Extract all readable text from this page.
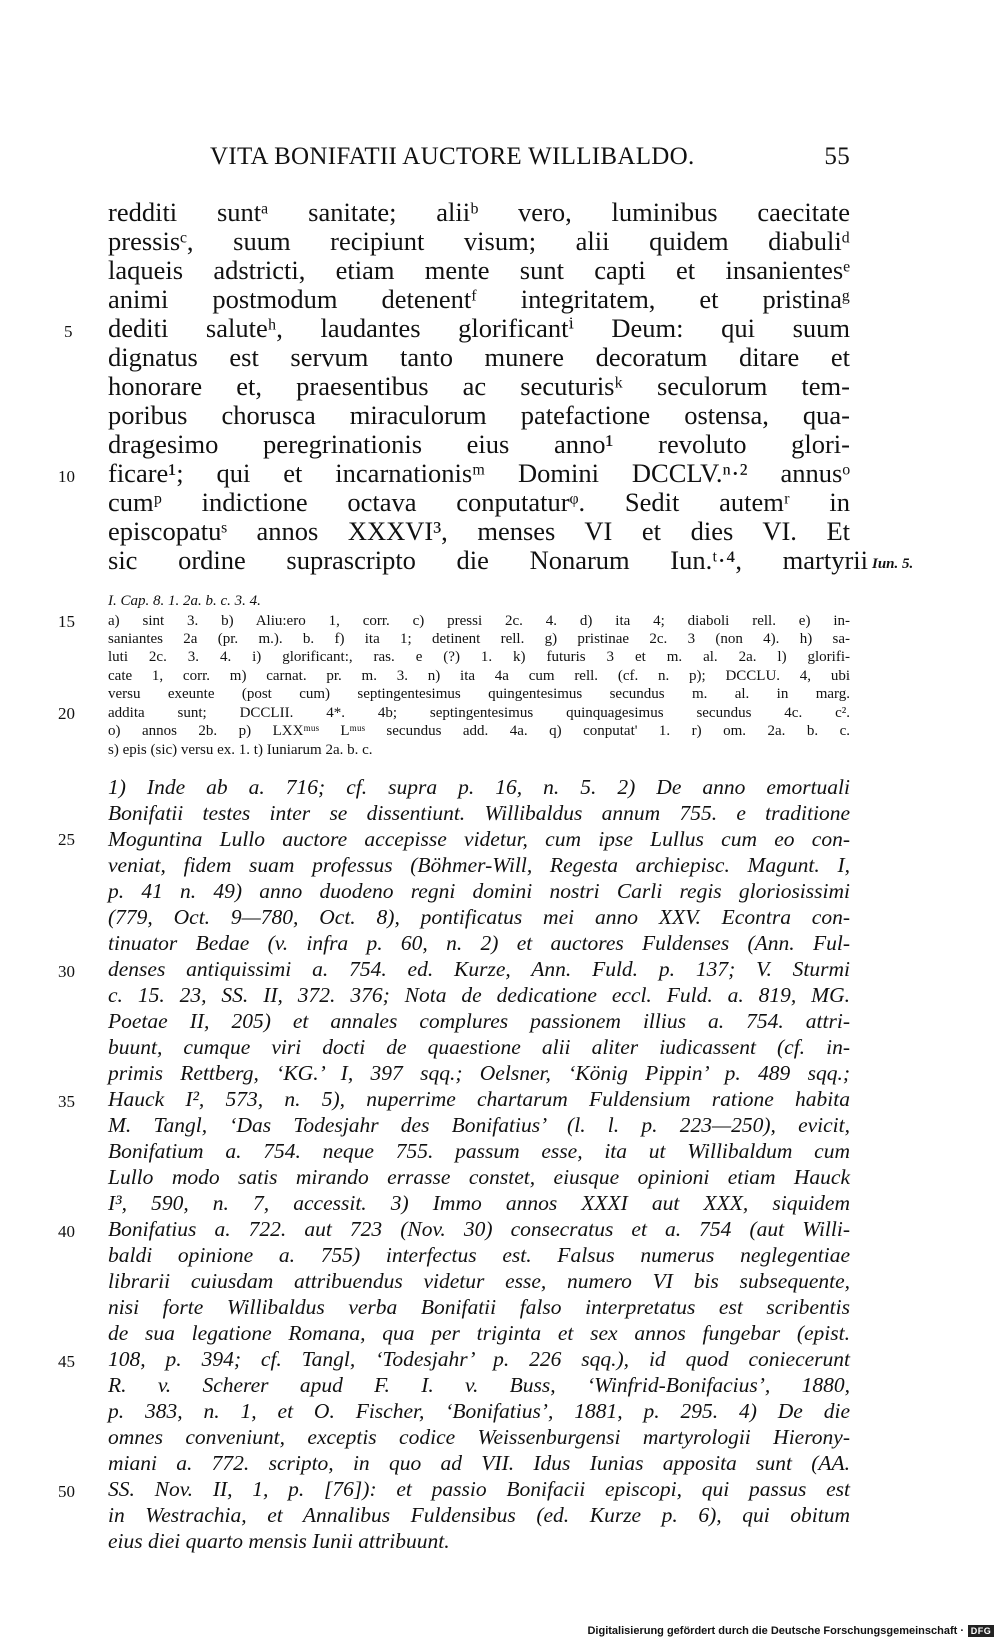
VITA BONIFATII AUCTORE WILLIBALDO.	55
redditi suntᵃ sanitate; aliiᵇ vero, luminibus caecitate
pressisᶜ, suum recipiunt visum; alii quidem diabuliᵈ
laqueis adstricti, etiam mente sunt capti et insanientesᵉ
animi postmodum detenentᶠ integritatem, et pristinaᵍ
dediti saluteʰ, laudantes glorificantⁱ Deum: qui suum
dignatus est servum tanto munere decoratum ditare et
honorare et, praesentibus ac secuturisᵏ seculorum tem-
poribus chorusca miraculorum patefactione ostensa, qua-
dragesimo peregrinationis eius anno¹ revoluto glori-
ficare¹; qui et incarnationisᵐ Domini DCCLV.ⁿ·² annusᵒ
cumᵖ indictione octava conputaturᵠ. Sedit autemʳ in
episcopatuˢ annos XXXVI³, menses VI et dies VI. Et
sic ordine suprascripto die Nonarum Iun.ᵗ·⁴, martyrii
5
10
Iun. 5.
I. Cap. 8. 1. 2a. b. c. 3. 4.
a) sint 3. b) Aliu:ero 1, corr. c) pressi 2c. 4. d) ita 4; diaboli rell. e) in-
saniantes 2a (pr. m.). b. f) ita 1; detinent rell. g) pristinae 2c. 3 (non 4). h) sa-
luti 2c. 3. 4. i) glorificant:, ras. e (?) 1. k) futuris 3 et m. al. 2a. l) glorifi-
cate 1, corr. m) carnat. pr. m. 3. n) ita 4a cum rell. (cf. n. p); DCCLU. 4, ubi
versu exeunte (post cum) septingentesimus quingentesimus secundus m. al. in marg.
addita sunt; DCCLII. 4*. 4b; septingentesimus quinquagesimus secundus 4c. c².
o) annos 2b. p) LXXᵐᵘˢ Lᵐᵘˢ secundus add. 4a. q) conputat' 1. r) om. 2a. b. c.
s) epis (sic) versu ex. 1. t) Iuniarum 2a. b. c.
15
20
1) Inde ab a. 716; cf. supra p. 16, n. 5. 2) De anno emortuali
Bonifatii testes inter se dissentiunt. Willibaldus annum 755. e traditione
Moguntina Lullo auctore accepisse videtur, cum ipse Lullus cum eo con-
veniat, fidem suam professus (Böhmer-Will, Regesta archiepisc. Magunt. I,
p. 41 n. 49) anno duodeno regni domini nostri Carli regis gloriosissimi
(779, Oct. 9—780, Oct. 8), pontificatus mei anno XXV. Econtra con-
tinuator Bedae (v. infra p. 60, n. 2) et auctores Fuldenses (Ann. Ful-
denses antiquissimi a. 754. ed. Kurze, Ann. Fuld. p. 137; V. Sturmi
c. 15. 23, SS. II, 372. 376; Nota de dedicatione eccl. Fuld. a. 819, MG.
Poetae II, 205) et annales complures passionem illius a. 754. attri-
buunt, cumque viri docti de quaestione alii aliter iudicassent (cf. in-
primis Rettberg, ‘KG.’ I, 397 sqq.; Oelsner, ‘König Pippin’ p. 489 sqq.;
Hauck I², 573, n. 5), nuperrime chartarum Fuldensium ratione habita
M. Tangl, ‘Das Todesjahr des Bonifatius’ (l. l. p. 223—250), evicit,
Bonifatium a. 754. neque 755. passum esse, ita ut Willibaldum cum
Lullo modo satis mirando errasse constet, eiusque opinioni etiam Hauck
I³, 590, n. 7, accessit. 3) Immo annos XXXI aut XXX, siquidem
Bonifatius a. 722. aut 723 (Nov. 30) consecratus et a. 754 (aut Willi-
baldi opinione a. 755) interfectus est. Falsus numerus neglegentiae
librarii cuiusdam attribuendus videtur esse, numero VI bis subsequente,
nisi forte Willibaldus verba Bonifatii falso interpretatus est scribentis
de sua legatione Romana, qua per triginta et sex annos fungebar (epist.
108, p. 394; cf. Tangl, ‘Todesjahr’ p. 226 sqq.), id quod coniecerunt
R. v. Scherer apud F. I. v. Buss, ‘Winfrid-Bonifacius’, 1880,
p. 383, n. 1, et O. Fischer, ‘Bonifatius’, 1881, p. 295. 4) De die
omnes conveniunt, exceptis codice Weissenburgensi martyrologii Hierony-
miani a. 772. scripto, in quo ad VII. Idus Iunias apposita sunt (AA.
SS. Nov. II, 1, p. [76]): et passio Bonifacii episcopi, qui passus est
in Westrachia, et Annalibus Fuldensibus (ed. Kurze p. 6), qui obitum
eius diei quarto mensis Iunii attribuunt.
25
30
35
40
45
50
Digitalisierung gefördert durch die Deutsche Forschungsgemeinschaft · DFG
